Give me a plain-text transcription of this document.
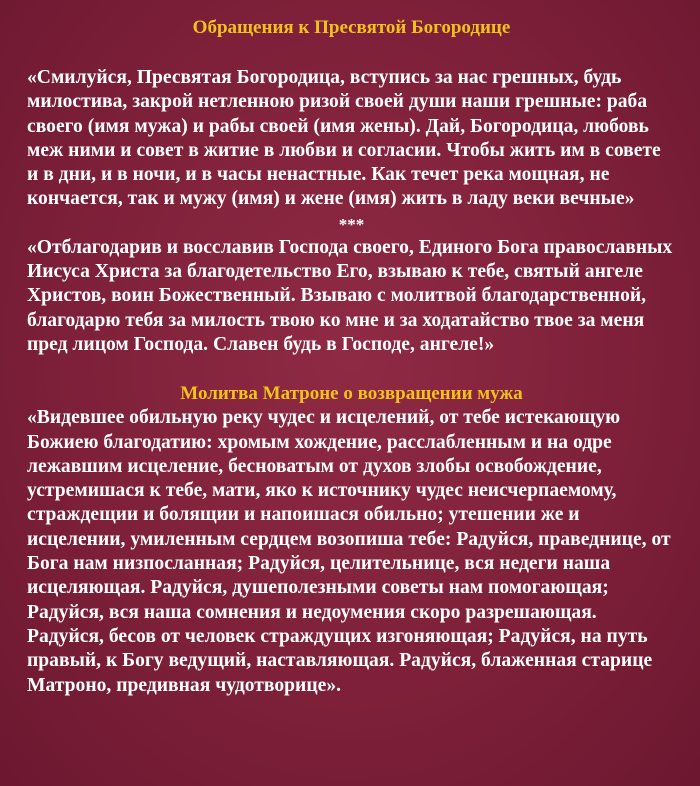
Обращения к Пресвятой Богородице

«Смилуйся, Пресвятая Богородица, вступись за нас грешных, будь милостива, закрой нетленною ризой своей души наши грешные: раба своего (имя мужа) и рабы своей (имя жены). Дай, Богородица, любовь меж ними и совет в житие в любви и согласии. Чтобы жить им в совете и в дни, и в ночи, и в часы ненастные. Как течет река мощная, не кончается, так и мужу (имя) и жене (имя) жить в ладу веки вечные»

***

«Отблагодарив и восславив Господа своего, Единого Бога православных Иисуса Христа за благодетельство Его, взываю к тебе, святый ангеле Христов, воин Божественный. Взываю с молитвой благодарственной, благодарю тебя за милость твою ко мне и за ходатайство твое за меня пред лицом Господа. Славен будь в Господе, ангеле!»

Молитва Матроне о возвращении мужа

«Видевшее обильную реку чудес и исцелений, от тебе истекающую Божиею благодатию: хромым хождение, расслабленным и на одре лежавшим исцеление, бесноватым от духов злобы освобождение, устремишася к тебе, мати, яко к источнику чудес неисчерпаемому, страждещии и болящии и напоишася обильно; утешении же и исцелении, умиленным сердцем возопиша тебе: Радуйся, праведнице, от Бога нам низпосланная; Радуйся, целительнице, вся недеги наша исцеляющая. Радуйся, душеполезными советы нам помогающая; Радуйся, вся наша сомнения и недоумения скоро разрешающая. Радуйся, бесов от человек страждущих изгоняющая; Радуйся, на путь правый, к Богу ведущий, наставляющая. Радуйся, блаженная старице Матроно, предивная чудотворице».
